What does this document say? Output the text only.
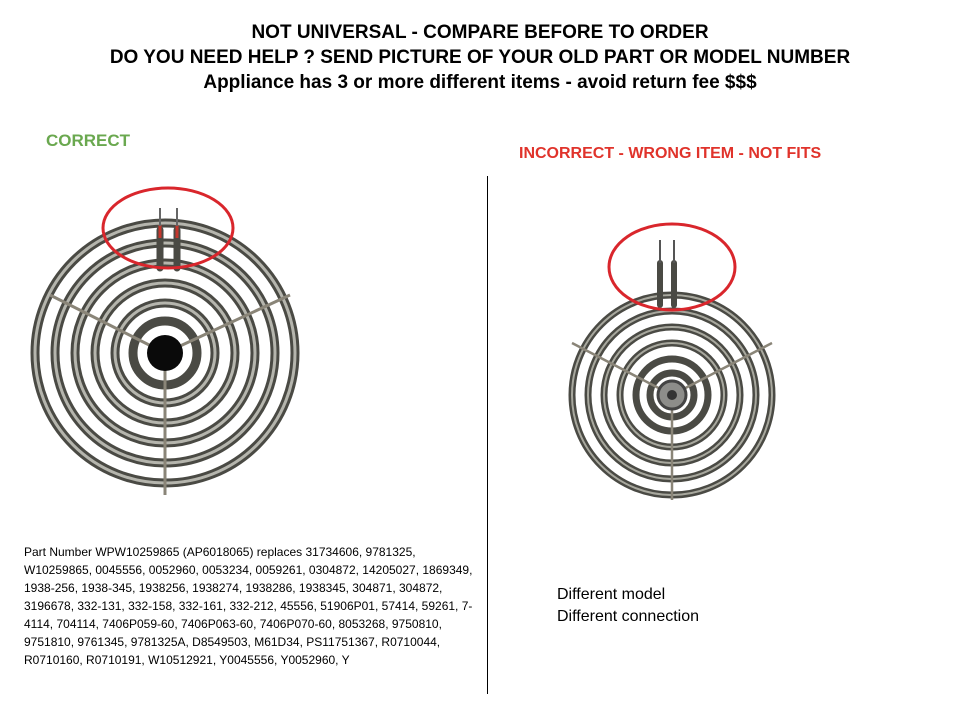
NOT UNIVERSAL - COMPARE BEFORE TO ORDER
DO YOU NEED HELP ? SEND PICTURE OF YOUR OLD PART OR MODEL NUMBER
Appliance has 3 or more different items - avoid return fee $$$
CORRECT
INCORRECT - WRONG ITEM - NOT FITS
Part Number WPW10259865 (AP6018065) replaces 31734606, 9781325, W10259865, 0045556, 0052960, 0053234, 0059261, 0304872, 14205027, 1869349, 1938-256, 1938-345, 1938256, 1938274, 1938286, 1938345, 304871, 304872, 3196678, 332-131, 332-158, 332-161, 332-212, 45556, 51906P01, 57414, 59261, 7-4114, 704114, 7406P059-60, 7406P063-60, 7406P070-60, 8053268, 9750810, 9751810, 9761345, 9781325A, D8549503, M61D34, PS11751367, R0710044, R0710160, R0710191, W10512921, Y0045556, Y0052960, Y
Different model
Different connection
